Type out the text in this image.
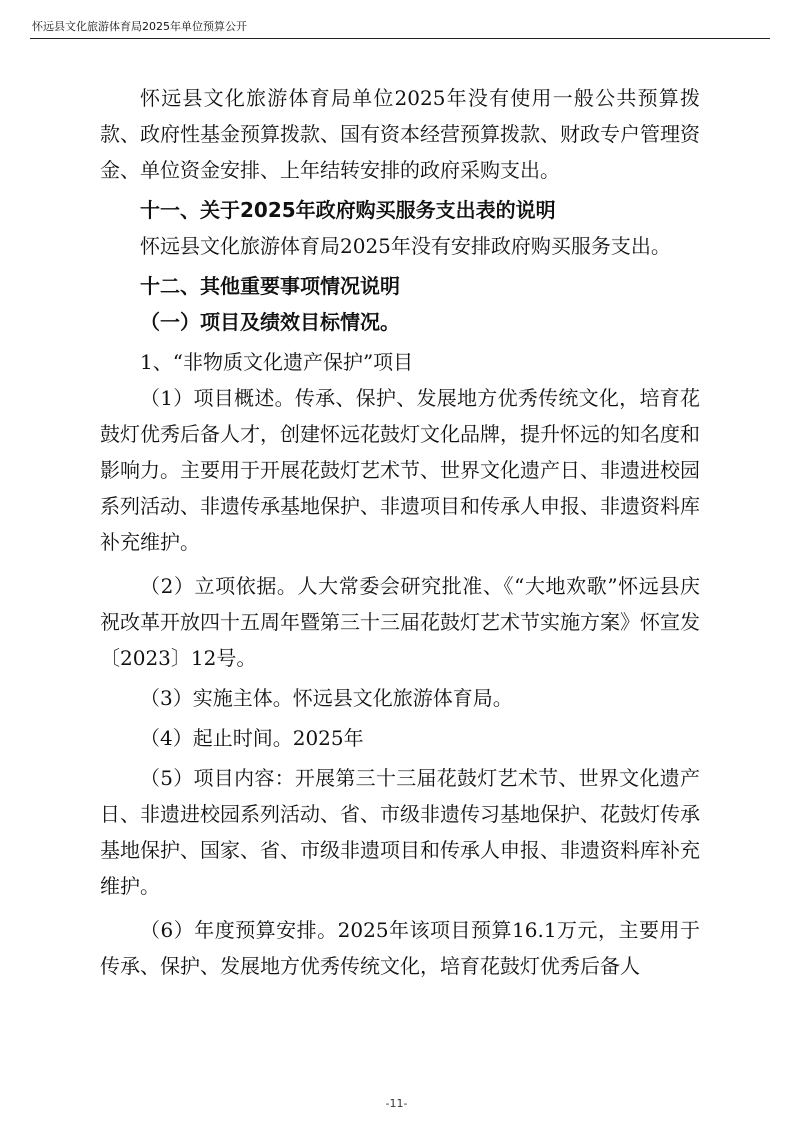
怀远县文化旅游体育局2025年单位预算公开

怀远县文化旅游体育局单位2025年没有使用一般公共预算拨款、政府性基金预算拨款、国有资本经营预算拨款、财政专户管理资金、单位资金安排、上年结转安排的政府采购支出。

十一、关于2025年政府购买服务支出表的说明

怀远县文化旅游体育局2025年没有安排政府购买服务支出。

十二、其他重要事项情况说明

（一）项目及绩效目标情况。

1、“非物质文化遗产保护”项目

（1）项目概述。传承、保护、发展地方优秀传统文化，培育花鼓灯优秀后备人才，创建怀远花鼓灯文化品牌，提升怀远的知名度和影响力。主要用于开展花鼓灯艺术节、世界文化遗产日、非遗进校园系列活动、非遗传承基地保护、非遗项目和传承人申报、非遗资料库补充维护。

（2）立项依据。人大常委会研究批准、《“大地欢歌”怀远县庆祝改革开放四十五周年暨第三十三届花鼓灯艺术节实施方案》怀宣发〔2023〕12号。

（3）实施主体。怀远县文化旅游体育局。

（4）起止时间。2025年

（5）项目内容：开展第三十三届花鼓灯艺术节、世界文化遗产日、非遗进校园系列活动、省、市级非遗传习基地保护、花鼓灯传承基地保护、国家、省、市级非遗项目和传承人申报、非遗资料库补充维护。

（6）年度预算安排。2025年该项目预算16.1万元，主要用于传承、保护、发展地方优秀传统文化，培育花鼓灯优秀后备人

-11-
